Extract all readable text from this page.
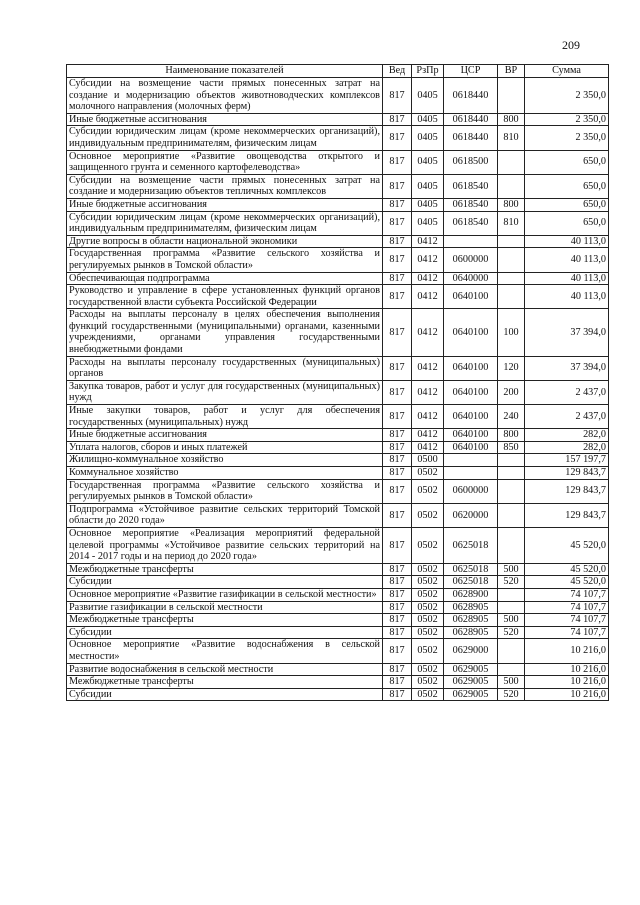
209
Наименование показателей	Вед	РзПр	ЦСР	ВР	Сумма
Субсидии на возмещение части прямых понесенных затрат на создание и модернизацию объектов животноводческих комплексов молочного направления (молочных ферм)	817	0405	0618440		2 350,0
Иные бюджетные ассигнования	817	0405	0618440	800	2 350,0
Субсидии юридическим лицам (кроме некоммерческих организаций), индивидуальным предпринимателям, физическим лицам	817	0405	0618440	810	2 350,0
Основное мероприятие «Развитие овощеводства открытого и защищенного грунта и семенного картофелеводства»	817	0405	0618500		650,0
Субсидии на возмещение части прямых понесенных затрат на создание и модернизацию объектов тепличных комплексов	817	0405	0618540		650,0
Иные бюджетные ассигнования	817	0405	0618540	800	650,0
Субсидии юридическим лицам (кроме некоммерческих организаций), индивидуальным предпринимателям, физическим лицам	817	0405	0618540	810	650,0
Другие вопросы в области национальной экономики	817	0412			40 113,0
Государственная программа «Развитие сельского хозяйства и регулируемых рынков в Томской области»	817	0412	0600000		40 113,0
Обеспечивающая подпрограмма	817	0412	0640000		40 113,0
Руководство и управление в сфере установленных функций органов государственной власти субъекта Российской Федерации	817	0412	0640100		40 113,0
Расходы на выплаты персоналу в целях обеспечения выполнения функций государственными (муниципальными) органами, казенными учреждениями, органами управления государственными внебюджетными фондами	817	0412	0640100	100	37 394,0
Расходы на выплаты персоналу государственных (муниципальных) органов	817	0412	0640100	120	37 394,0
Закупка товаров, работ и услуг для государственных (муниципальных) нужд	817	0412	0640100	200	2 437,0
Иные закупки товаров, работ и услуг для обеспечения государственных (муниципальных) нужд	817	0412	0640100	240	2 437,0
Иные бюджетные ассигнования	817	0412	0640100	800	282,0
Уплата налогов, сборов и иных платежей	817	0412	0640100	850	282,0
Жилищно-коммунальное хозяйство	817	0500			157 197,7
Коммунальное хозяйство	817	0502			129 843,7
Государственная программа «Развитие сельского хозяйства и регулируемых рынков в Томской области»	817	0502	0600000		129 843,7
Подпрограмма «Устойчивое развитие сельских территорий Томской области до 2020 года»	817	0502	0620000		129 843,7
Основное мероприятие «Реализация мероприятий федеральной целевой программы «Устойчивое развитие сельских территорий на 2014 - 2017 годы и на период до 2020 года»	817	0502	0625018		45 520,0
Межбюджетные трансферты	817	0502	0625018	500	45 520,0
Субсидии	817	0502	0625018	520	45 520,0
Основное мероприятие «Развитие газификации в сельской местности»	817	0502	0628900		74 107,7
Развитие газификации в сельской местности	817	0502	0628905		74 107,7
Межбюджетные трансферты	817	0502	0628905	500	74 107,7
Субсидии	817	0502	0628905	520	74 107,7
Основное мероприятие «Развитие водоснабжения в сельской местности»	817	0502	0629000		10 216,0
Развитие водоснабжения в сельской местности	817	0502	0629005		10 216,0
Межбюджетные трансферты	817	0502	0629005	500	10 216,0
Субсидии	817	0502	0629005	520	10 216,0
